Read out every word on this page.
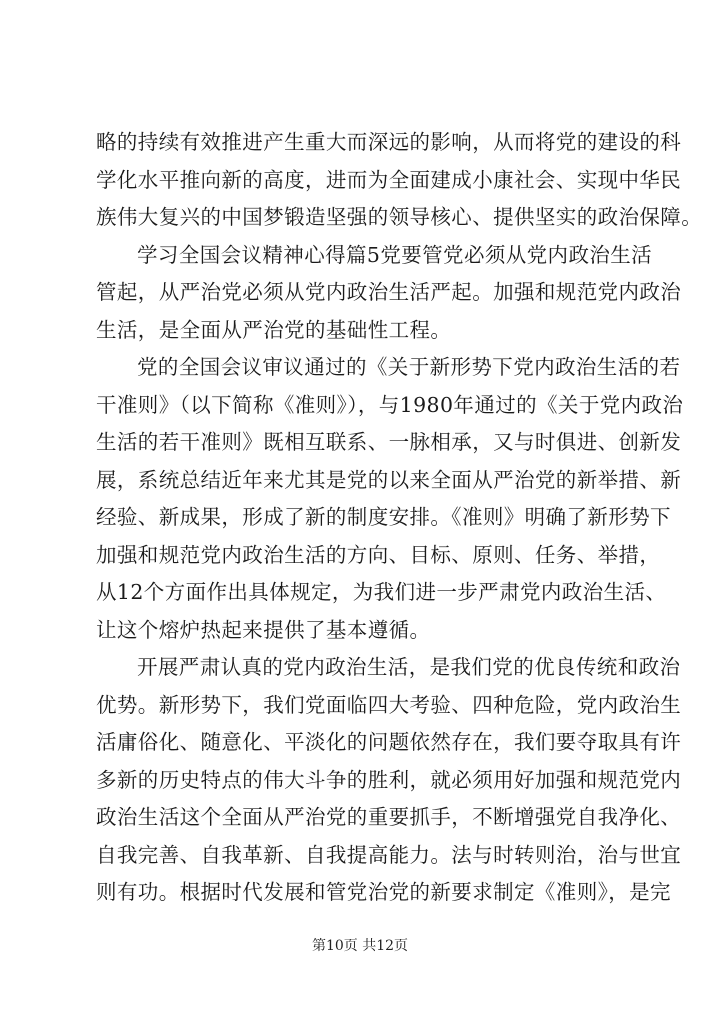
略的持续有效推进产生重大而深远的影响，从而将党的建设的科
学化水平推向新的高度，进而为全面建成小康社会、实现中华民
族伟大复兴的中国梦锻造坚强的领导核心、提供坚实的政治保障。
学习全国会议精神心得篇5党要管党必须从党内政治生活
管起，从严治党必须从党内政治生活严起。加强和规范党内政治
生活，是全面从严治党的基础性工程。
党的全国会议审议通过的《关于新形势下党内政治生活的若
干准则》（以下简称《准则》），与1980年通过的《关于党内政治
生活的若干准则》既相互联系、一脉相承，又与时俱进、创新发
展，系统总结近年来尤其是党的以来全面从严治党的新举措、新
经验、新成果，形成了新的制度安排。《准则》明确了新形势下
加强和规范党内政治生活的方向、目标、原则、任务、举措，
从12个方面作出具体规定，为我们进一步严肃党内政治生活、
让这个熔炉热起来提供了基本遵循。
开展严肃认真的党内政治生活，是我们党的优良传统和政治
优势。新形势下，我们党面临四大考验、四种危险，党内政治生
活庸俗化、随意化、平淡化的问题依然存在，我们要夺取具有许
多新的历史特点的伟大斗争的胜利，就必须用好加强和规范党内
政治生活这个全面从严治党的重要抓手，不断增强党自我净化、
自我完善、自我革新、自我提高能力。法与时转则治，治与世宜
则有功。根据时代发展和管党治党的新要求制定《准则》，是完
第10页 共12页
